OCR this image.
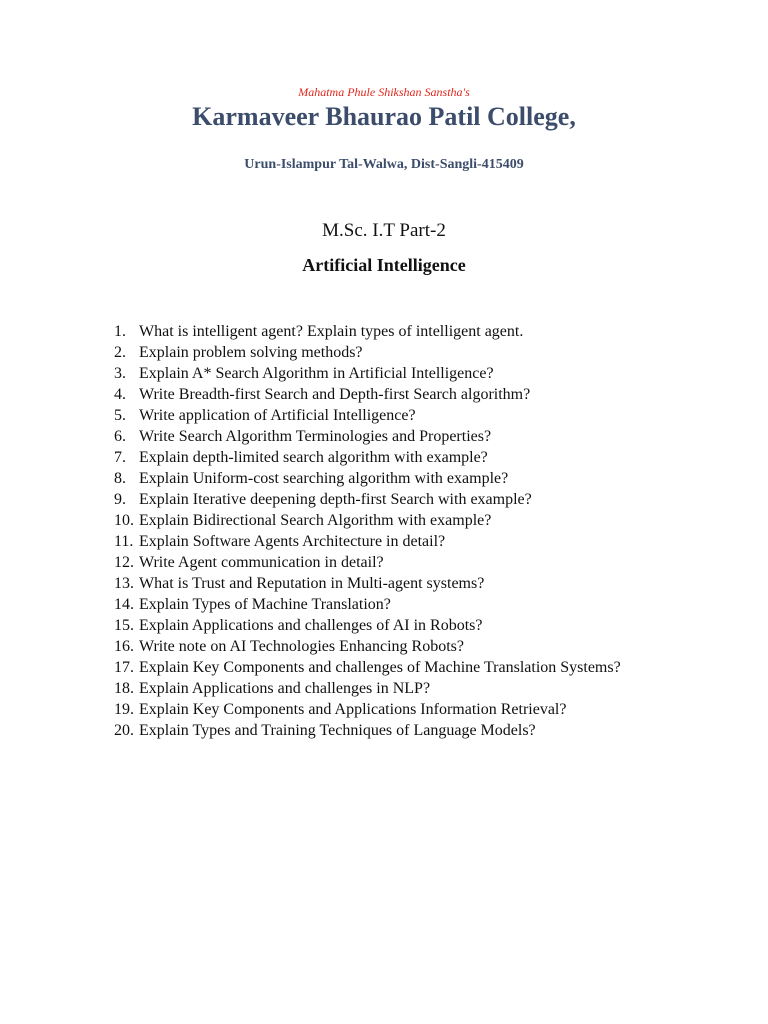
Mahatma Phule Shikshan Sanstha's
Karmaveer Bhaurao Patil College,
Urun-Islampur Tal-Walwa, Dist-Sangli-415409
M.Sc. I.T Part-2
Artificial Intelligence
1. What is intelligent agent? Explain types of intelligent agent.
2. Explain problem solving methods?
3. Explain A* Search Algorithm in Artificial Intelligence?
4. Write Breadth-first Search and Depth-first Search algorithm?
5. Write application of Artificial Intelligence?
6. Write Search Algorithm Terminologies and Properties?
7. Explain depth-limited search algorithm with example?
8. Explain Uniform-cost searching algorithm with example?
9. Explain Iterative deepening depth-first Search with example?
10. Explain Bidirectional Search Algorithm with example?
11. Explain Software Agents Architecture in detail?
12. Write Agent communication in detail?
13. What is Trust and Reputation in Multi-agent systems?
14. Explain Types of Machine Translation?
15. Explain Applications and challenges of AI in Robots?
16. Write note on AI Technologies Enhancing Robots?
17. Explain Key Components and challenges of Machine Translation Systems?
18. Explain Applications and challenges in NLP?
19. Explain Key Components and Applications Information Retrieval?
20. Explain Types and Training Techniques of Language Models?
